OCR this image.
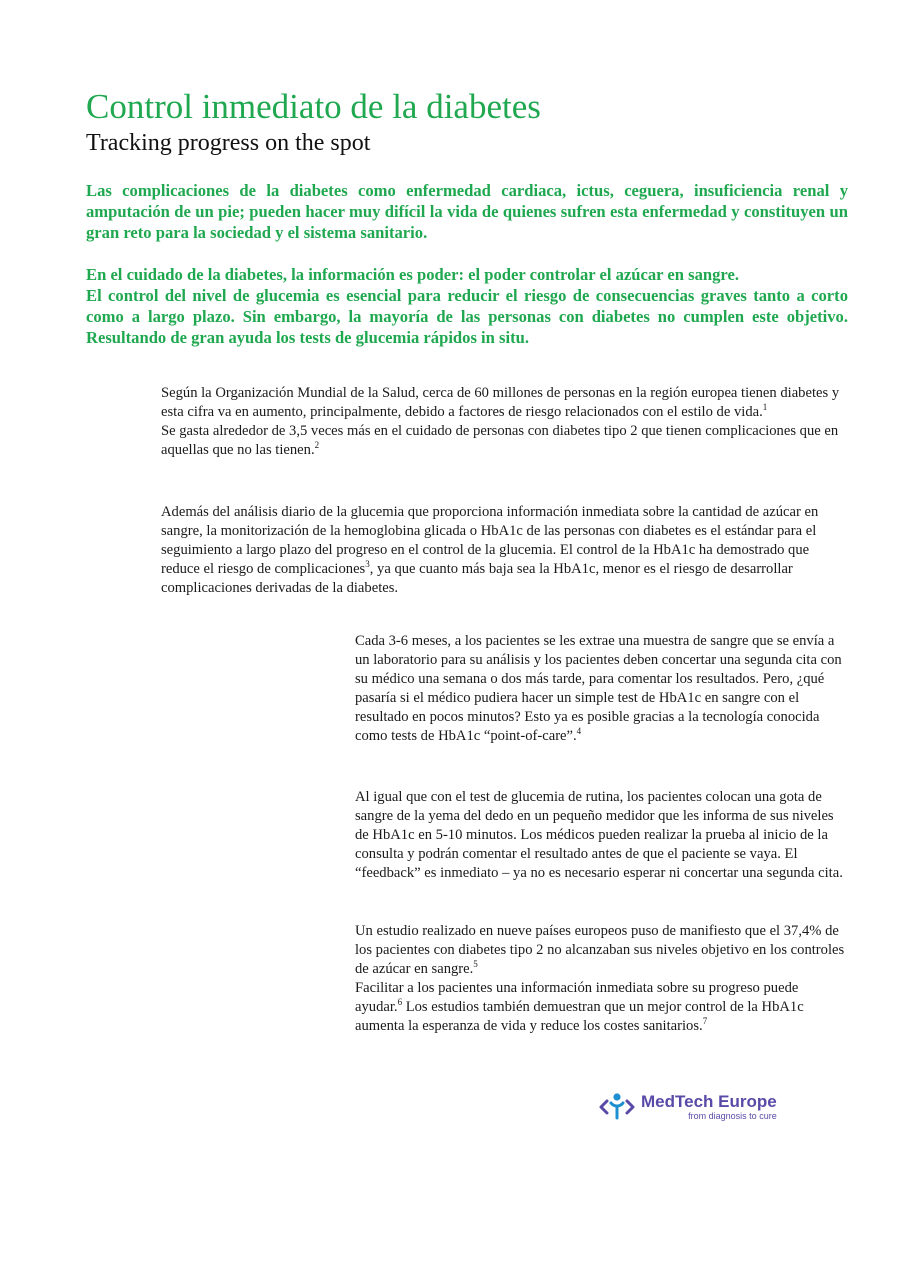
Control inmediato de la diabetes
Tracking progress on the spot

Las complicaciones de la diabetes como enfermedad cardiaca, ictus, ceguera, insuficiencia renal y amputación de un pie; pueden hacer muy difícil la vida de quienes sufren esta enfermedad y constituyen un gran reto para la sociedad y el sistema sanitario.

En el cuidado de la diabetes, la información es poder: el poder controlar el azúcar en sangre.
El control del nivel de glucemia es esencial para reducir el riesgo de consecuencias graves tanto a corto como a largo plazo. Sin embargo, la mayoría de las personas con diabetes no cumplen este objetivo. Resultando de gran ayuda los tests de glucemia rápidos in situ.

Según la Organización Mundial de la Salud, cerca de 60 millones de personas en la región europea tienen diabetes y esta cifra va en aumento, principalmente, debido a factores de riesgo relacionados con el estilo de vida.$^1$

Se gasta alrededor de 3,5 veces más en el cuidado de personas con diabetes tipo 2 que tienen complicaciones que en aquellas que no las tienen.$^2$

Además del análisis diario de la glucemia que proporciona información inmediata sobre la cantidad de azúcar en sangre, la monitorización de la hemoglobina glicada o HbA1c de las personas con diabetes es el estándar para el seguimiento a largo plazo del progreso en el control de la glucemia. El control de la HbA1c ha demostrado que reduce el riesgo de complicaciones$^3$, ya que cuanto más baja sea la HbA1c, menor es el riesgo de desarrollar complicaciones derivadas de la diabetes.

Cada 3-6 meses, a los pacientes se les extrae una muestra de sangre que se envía a un laboratorio para su análisis y los pacientes deben concertar una segunda cita con su médico una semana o dos más tarde, para comentar los resultados. Pero, ¿qué pasaría si el médico pudiera hacer un simple test de HbA1c en sangre con el resultado en pocos minutos? Esto ya es posible gracias a la tecnología conocida como tests de HbA1c “point-of-care”.$^4$

Al igual que con el test de glucemia de rutina, los pacientes colocan una gota de sangre de la yema del dedo en un pequeño medidor que les informa de sus niveles de HbA1c en 5-10 minutos. Los médicos pueden realizar la prueba al inicio de la consulta y podrán comentar el resultado antes de que el paciente se vaya. El “feedback” es inmediato – ya no es necesario esperar ni concertar una segunda cita.

Un estudio realizado en nueve países europeos puso de manifiesto que el 37,4% de los pacientes con diabetes tipo 2 no alcanzaban sus niveles objetivo en los controles de azúcar en sangre.$^5$

Facilitar a los pacientes una información inmediata sobre su progreso puede ayudar.$^6$ Los estudios también demuestran que un mejor control de la HbA1c aumenta la esperanza de vida y reduce los costes sanitarios.$^7$

MedTech Europe
from diagnosis to cure
